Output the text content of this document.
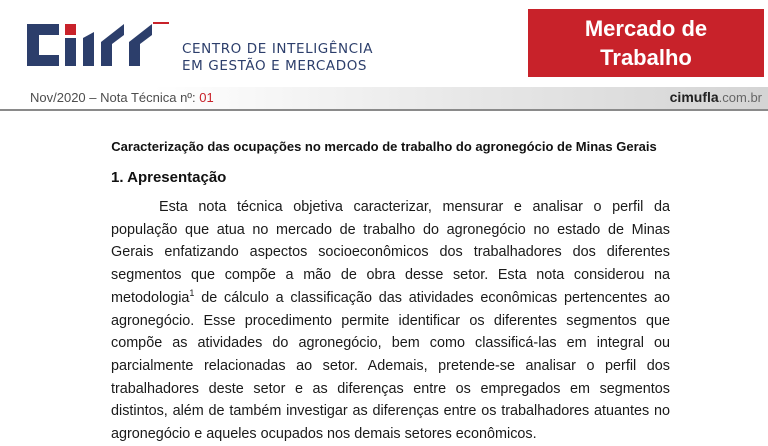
CENTRO DE INTELIGÊNCIA
EM GESTÃO E MERCADOS
Mercado de
Trabalho
Nov/2020 – Nota Técnica nº: 01	cimufla.com.br
Caracterização das ocupações no mercado de trabalho do agronegócio de Minas Gerais
1. Apresentação
Esta nota técnica objetiva caracterizar, mensurar e analisar o perfil da população que atua no mercado de trabalho do agronegócio no estado de Minas Gerais enfatizando aspectos socioeconômicos dos trabalhadores dos diferentes segmentos que compõe a mão de obra desse setor. Esta nota considerou na metodologia$^1$ de cálculo a classificação das atividades econômicas pertencentes ao agronegócio. Esse procedimento permite identificar os diferentes segmentos que compõe as atividades do agronegócio, bem como classificá-las em integral ou parcialmente relacionadas ao setor. Ademais, pretende-se analisar o perfil dos trabalhadores deste setor e as diferenças entre os empregados em segmentos distintos, além de também investigar as diferenças entre os trabalhadores atuantes no agronegócio e aqueles ocupados nos demais setores econômicos.
